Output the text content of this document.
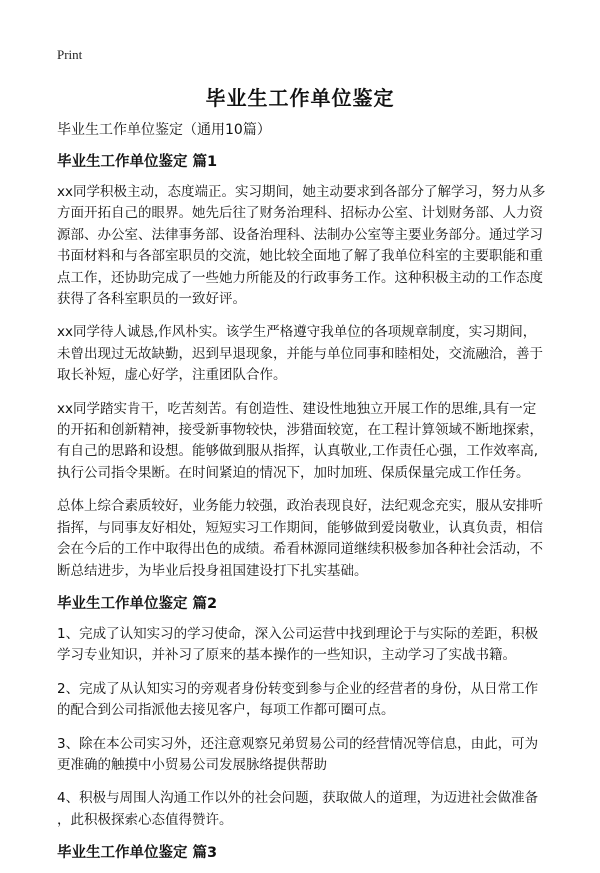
Print
毕业生工作单位鉴定
毕业生工作单位鉴定（通用10篇）
毕业生工作单位鉴定 篇1
xx同学积极主动，态度端正。实习期间，她主动要求到各部分了解学习，努力从多
方面开拓自己的眼界。她先后往了财务治理科、招标办公室、计划财务部、人力资
源部、办公室、法律事务部、设备治理科、法制办公室等主要业务部分。通过学习
书面材料和与各部室职员的交流，她比较全面地了解了我单位科室的主要职能和重
点工作，还协助完成了一些她力所能及的行政事务工作。这种积极主动的工作态度
获得了各科室职员的一致好评。
xx同学待人诚恳,作风朴实。该学生严格遵守我单位的各项规章制度，实习期间，
未曾出现过无故缺勤，迟到早退现象，并能与单位同事和睦相处，交流融洽，善于
取长补短，虚心好学，注重团队合作。
xx同学踏实肯干，吃苦刻苦。有创造性、建设性地独立开展工作的思维,具有一定
的开拓和创新精神，接受新事物较快，涉猎面较宽，在工程计算领域不断地探索，
有自己的思路和设想。能够做到服从指挥，认真敬业,工作责任心强，工作效率高,
执行公司指令果断。在时间紧迫的情况下，加时加班、保质保量完成工作任务。
总体上综合素质较好，业务能力较强，政治表现良好，法纪观念充实，服从安排听
指挥，与同事友好相处，短短实习工作期间，能够做到爱岗敬业，认真负责，相信
会在今后的工作中取得出色的成绩。希看林源同道继续积极参加各种社会活动，不
断总结进步，为毕业后投身祖国建设打下扎实基础。
毕业生工作单位鉴定 篇2
1、完成了认知实习的学习使命，深入公司运营中找到理论于与实际的差距，积极
学习专业知识，并补习了原来的基本操作的一些知识，主动学习了实战书籍。
2、完成了从认知实习的旁观者身份转变到参与企业的经营者的身份，从日常工作
的配合到公司指派他去接见客户，每项工作都可圈可点。
3、除在本公司实习外，还注意观察兄弟贸易公司的经营情况等信息，由此，可为
更准确的触摸中小贸易公司发展脉络提供帮助
4、积极与周围人沟通工作以外的社会问题，获取做人的道理，为迈进社会做准备
，此积极探索心态值得赞许。
毕业生工作单位鉴定 篇3
